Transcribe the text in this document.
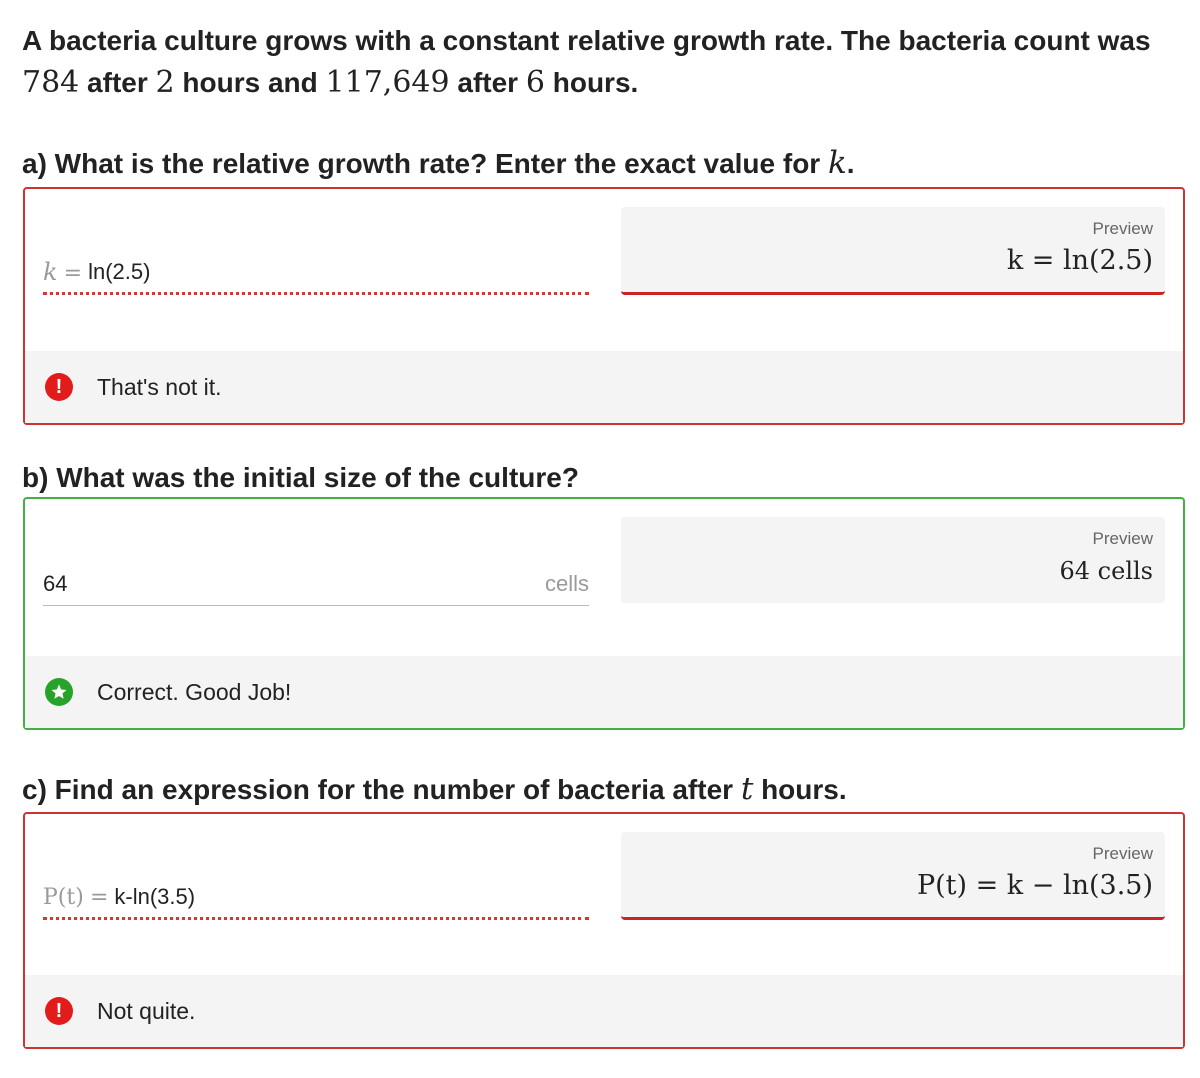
A bacteria culture grows with a constant relative growth rate. The bacteria count was
784 after 2 hours and 117,649 after 6 hours.

a) What is the relative growth rate? Enter the exact value for k.
k = ln(2.5)
Preview
k = ln(2.5)
!	That's not it.
b) What was the initial size of the culture?
64	cells
Preview
64 cells
Correct. Good Job!
c) Find an expression for the number of bacteria after t hours.
P(t) = k-ln(3.5)
Preview
P(t) = k − ln(3.5)
!	Not quite.
